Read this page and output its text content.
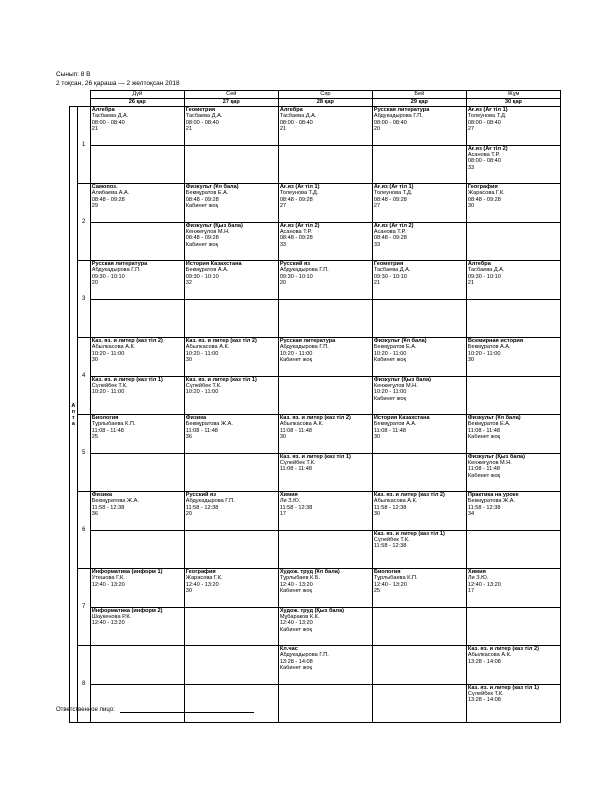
Сынып: 8 В
2 тоқсан, 26 қараша — 2 желтоқсан 2018
		Дүй	Сей	Сәр	Бей	Жұм
		26 қар	27 қар	28 қар	29 қар	30 қар
Апта	1	Алгебра
Тасбаева Д.А.
08:00 - 08:40
21	Геометрия
Тасбаева Д.А.
08:00 - 08:40
21	Алгебра
Тасбаева Д.А.
08:00 - 08:40
21	Русская литература
Абдукадырова Г.П.
08:00 - 08:40
20	Ағ.яз (Ағ тіл 1)
Толеунова Т.Д.
08:00 - 08:40
27

						Ағ.яз (Ағ тіл 2)
Асанова Т.Р.
08:00 - 08:40
33

	2	Самопоз.
Алибаева А.А.
08:48 - 09:28
29	Физкульт (Ұл бала)
Бекмұратов Е.А.
08:48 - 09:28
Кабинет жоқ	Ағ.яз (Ағ тіл 1)
Толеунова Т.Д.
08:48 - 09:28
27	Ағ.яз (Ағ тіл 1)
Толеунова Т.Д.
08:48 - 09:28
27	География
Жарасова Г.К.
08:48 - 09:28
30

			Физкульт (Қыз бала)
Кенжеғұлов М.Н.
08:48 - 09:28
Кабинет жоқ	Ағ.яз (Ағ тіл 2)
Асанова Т.Р.
08:48 - 09:28
33	Ағ.яз (Ағ тіл 2)
Асанова Т.Р.
08:48 - 09:28
33	

	3	Русская литература
Абдукадырова Г.П.
09:30 - 10:10
20	История Казахстана
Бекмұратов А.А.
09:30 - 10:10
32	Русский яз
Абдукадырова Г.П.
09:30 - 10:10
20	Геометрия
Тасбаева Д.А.
09:30 - 10:10
21	Алгебра
Тасбаева Д.А.
09:30 - 10:10
21

	4	Каз. яз. и литер (каз тіл 2)
Абылкасова А.К.
10:20 - 11:00
30	Каз. яз. и литер (каз тіл 2)
Абылкасова А.К.
10:20 - 11:00
30	Русская литература
Абдукадырова Г.П.
10:20 - 11:00
Кабинет жоқ	Физкульт (Ұл бала)
Бекмұратов Е.А.
10:20 - 11:00
Кабинет жоқ	Всемирная история
Бекмұратов А.А.
10:20 - 11:00
30

		Каз. яз. и литер (каз тіл 1)
Сүлейбек Т.К.
10:20 - 11:00	Каз. яз. и литер (каз тіл 1)
Сүлейбек Т.К.
10:20 - 11:00		Физкульт (Қыз бала)
Кенжеғұлов М.Н.
10:20 - 11:00
Кабинет жоқ	

	5	Биология
Тұрлыбаева К.П.
11:08 - 11:48
25	Физика
Бекмұратова Ж.А.
11:08 - 11:48
36	Каз. яз. и литер (каз тіл 2)
Абылкасова А.К.
11:08 - 11:48
30	История Казахстана
Бекмұратов А.А.
11:08 - 11:48
30	Физкульт (Ұл бала)
Бекмұратов Е.А.
11:08 - 11:48
Кабинет жоқ

				Каз. яз. и литер (каз тіл 1)
Сүлейбек Т.К.
11:08 - 11:48		Физкульт (Қыз бала)
Кенжеғұлов М.Н.
11:08 - 11:48
Кабинет жоқ

	6	Физика
Бекмұратова Ж.А.
11:58 - 12:38
36	Русский яз
Абдукадырова Г.П.
11:58 - 12:38
20	Химия
Ли З.Ю.
11:58 - 12:38
17	Каз. яз. и литер (каз тіл 2)
Абылкасова А.К.
11:58 - 12:38
30	Практика на уроке
Бекмұратова Ж.А.
11:58 - 12:38
34

					Каз. яз. и литер (каз тіл 1)
Сүлейбек Т.К.
11:58 - 12:38	

	7	Информатика (информ 1)
Утешова Г.К.
12:40 - 13:20	География
Жарасова Г.К.
12:40 - 13:20
30	Худож. труд (Ұл бала)
Тұрлыбаев К.Б.
12:40 - 13:20
Кабинет жоқ	Биология
Тұрлыбаева К.П.
12:40 - 13:20
25	Химия
Ли З.Ю.
12:40 - 13:20
17

		Информатика (информ 2)
Шаукенова Р.К.
12:40 - 13:20		Худож. труд (Қыз бала)
Мұбараков К.К.
12:40 - 13:20
Кабинет жоқ		

	8			Кл.час
Абдукадырова Г.П.
13:28 - 14:08
Кабинет жоқ		Каз. яз. и литер (каз тіл 2)
Абылкасова А.К.
13:28 - 14:08

						Каз. яз. и литер (каз тіл 1)
Сүлейбек Т.К.
13:28 - 14:08
Ответственное лицо:
